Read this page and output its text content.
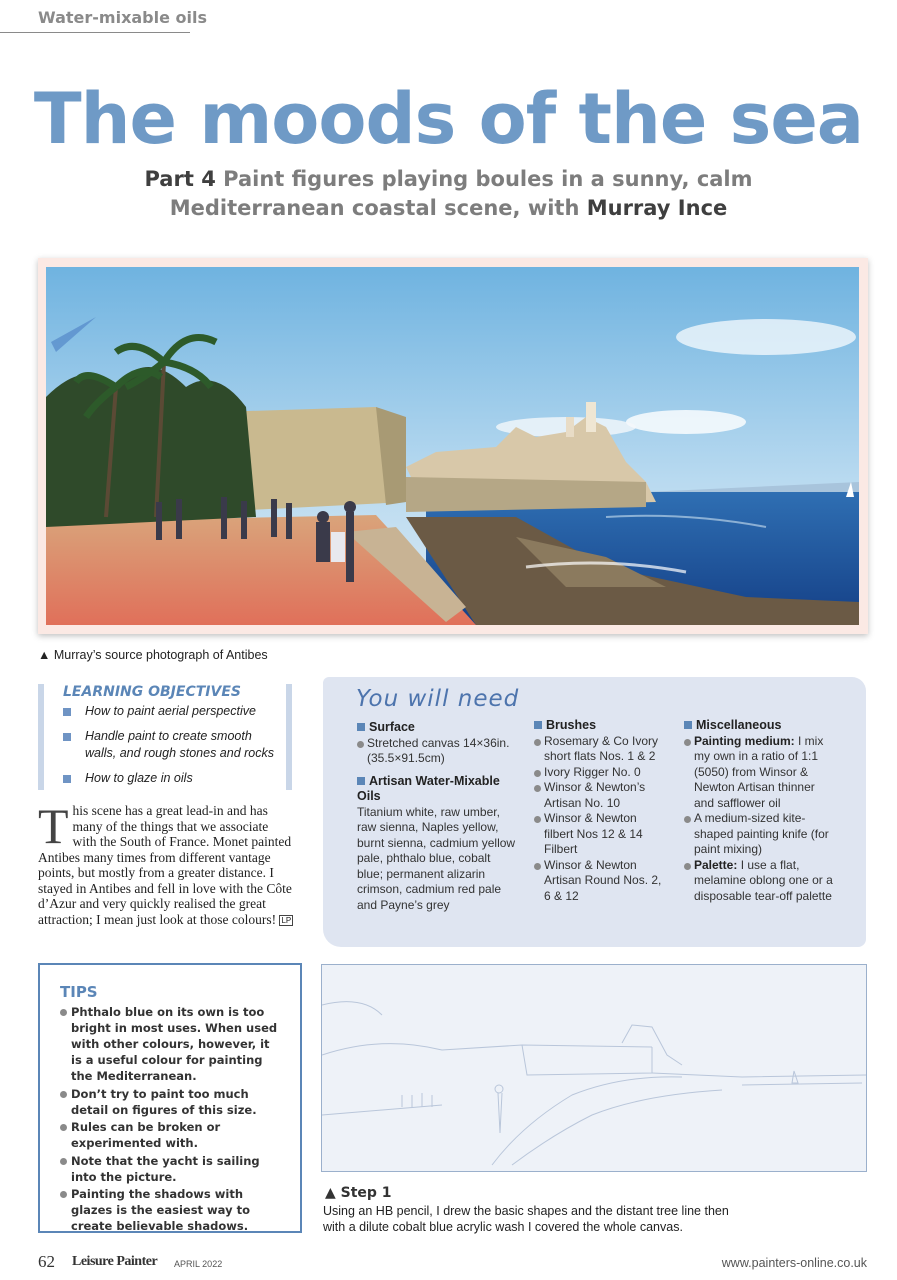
Water-mixable oils
The moods of the sea
Part 4 Paint figures playing boules in a sunny, calm
Mediterranean coastal scene, with Murray Ince
▲ Murray’s source photograph of Antibes
LEARNING OBJECTIVES
How to paint aerial perspective
Handle paint to create smooth walls, and rough stones and rocks
How to glaze in oils
This scene has a great lead-in and has many of the things that we associate with the South of France. Monet painted Antibes many times from different vantage points, but mostly from a greater distance. I stayed in Antibes and fell in love with the Côte d’Azur and very quickly realised the great attraction; I mean just look at those colours! LP
You will need
Surface
Stretched canvas 14×36in. (35.5×91.5cm)
Artisan Water-Mixable Oils
Titanium white, raw umber, raw sienna, Naples yellow, burnt sienna, cadmium yellow pale, phthalo blue, cobalt blue; permanent alizarin crimson, cadmium red pale and Payne’s grey
Brushes
Rosemary & Co Ivory short flats Nos. 1 & 2
Ivory Rigger No. 0
Winsor & Newton’s Artisan No. 10
Winsor & Newton filbert Nos 12 & 14 Filbert
Winsor & Newton Artisan Round Nos. 2, 6 & 12
Miscellaneous
Painting medium: I mix my own in a ratio of 1:1 (5050) from Winsor & Newton Artisan thinner and safflower oil
A medium-sized kite-shaped painting knife (for paint mixing)
Palette: I use a flat, melamine oblong one or a disposable tear-off palette
TIPS
Phthalo blue on its own is too bright in most uses. When used with other colours, however, it is a useful colour for painting the Mediterranean.
Don’t try to paint too much detail on figures of this size.
Rules can be broken or experimented with.
Note that the yacht is sailing into the picture.
Painting the shadows with glazes is the easiest way to create believable shadows.
▲ Step 1
Using an HB pencil, I drew the basic shapes and the distant tree line then with a dilute cobalt blue acrylic wash I covered the whole canvas.
62 Leisure Painter APRIL 2022	www.painters-online.co.uk
